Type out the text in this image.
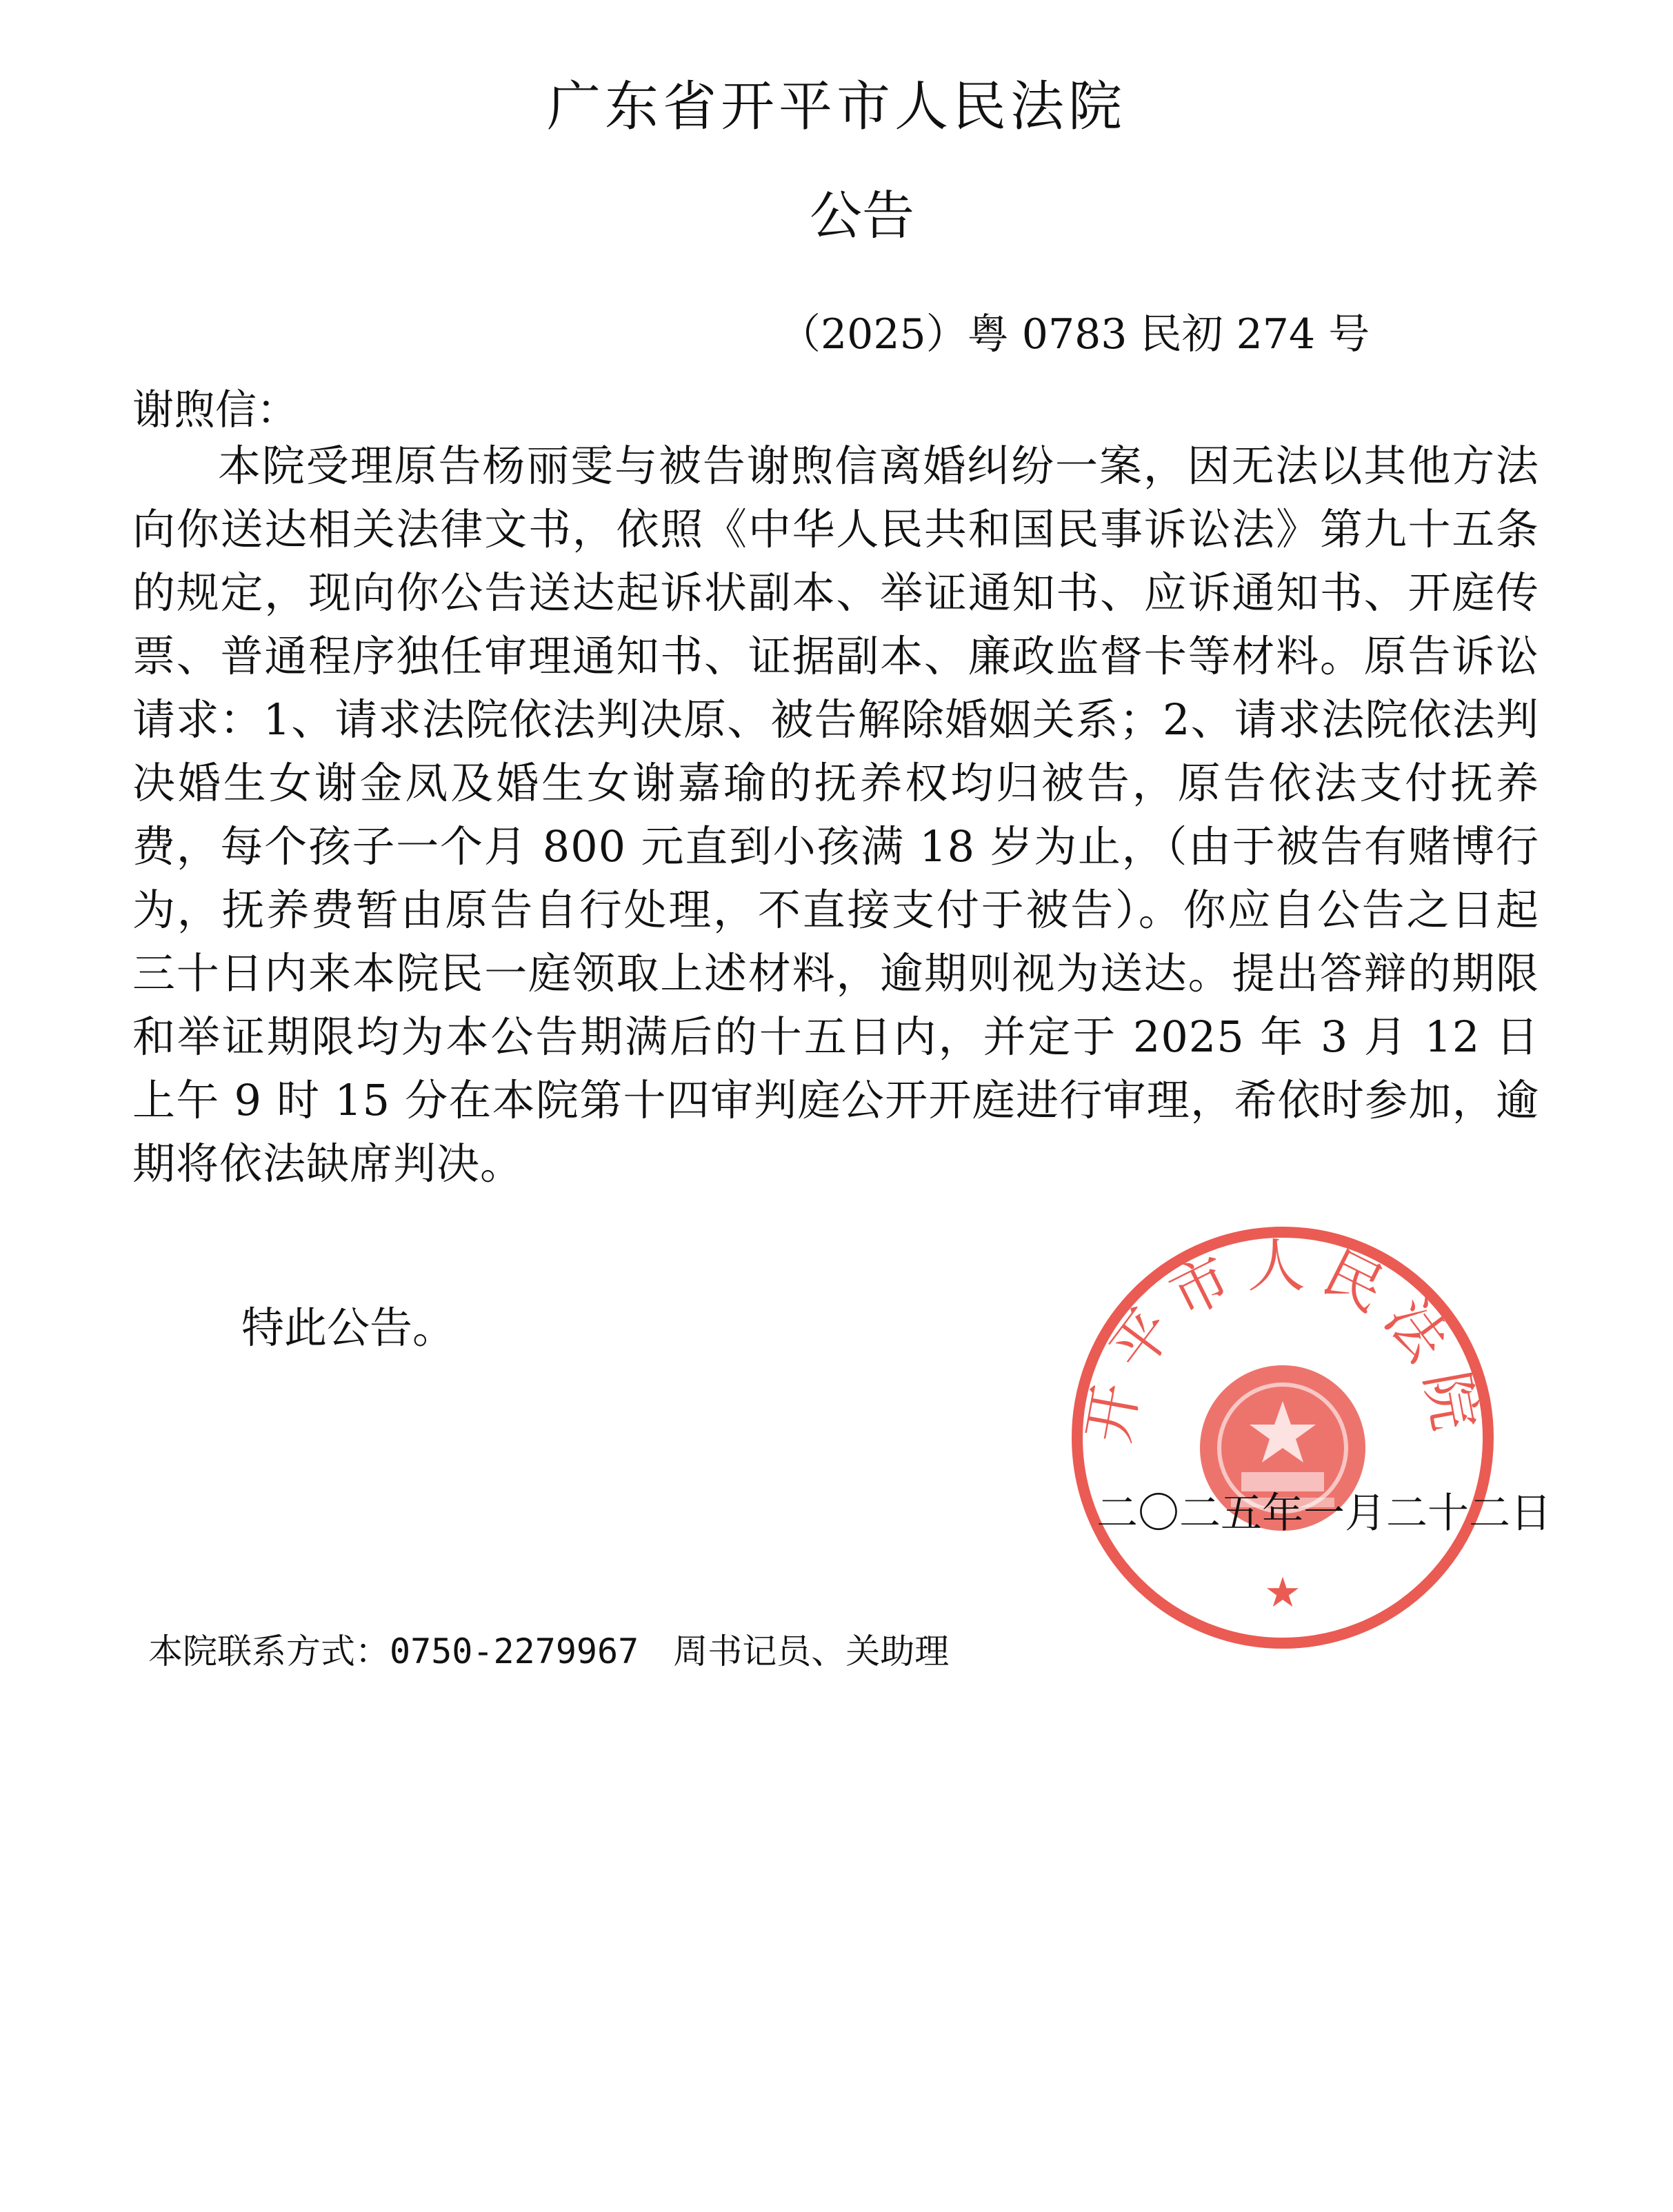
广东省开平市人民法院
公告
（2025）粤 0783 民初 274 号
谢煦信：

本院受理原告杨丽雯与被告谢煦信离婚纠纷一案，因无法以其他方法向你送达相关法律文书，依照《中华人民共和国民事诉讼法》第九十五条的规定，现向你公告送达起诉状副本、举证通知书、应诉通知书、开庭传票、普通程序独任审理通知书、证据副本、廉政监督卡等材料。原告诉讼请求：1、请求法院依法判决原、被告解除婚姻关系；2、请求法院依法判决婚生女谢金凤及婚生女谢嘉瑜的抚养权均归被告，原告依法支付抚养费，每个孩子一个月 800 元直到小孩满 18 岁为止，（由于被告有赌博行为，抚养费暂由原告自行处理，不直接支付于被告）。你应自公告之日起三十日内来本院民一庭领取上述材料，逾期则视为送达。提出答辩的期限和举证期限均为本公告期满后的十五日内，并定于 2025 年 3 月 12 日上午 9 时 15 分在本院第十四审判庭公开开庭进行审理，希依时参加，逾期将依法缺席判决。

特此公告。
开平市人民法院
★
二〇二五年一月二十二日
本院联系方式：0750-2279967　周书记员、关助理
